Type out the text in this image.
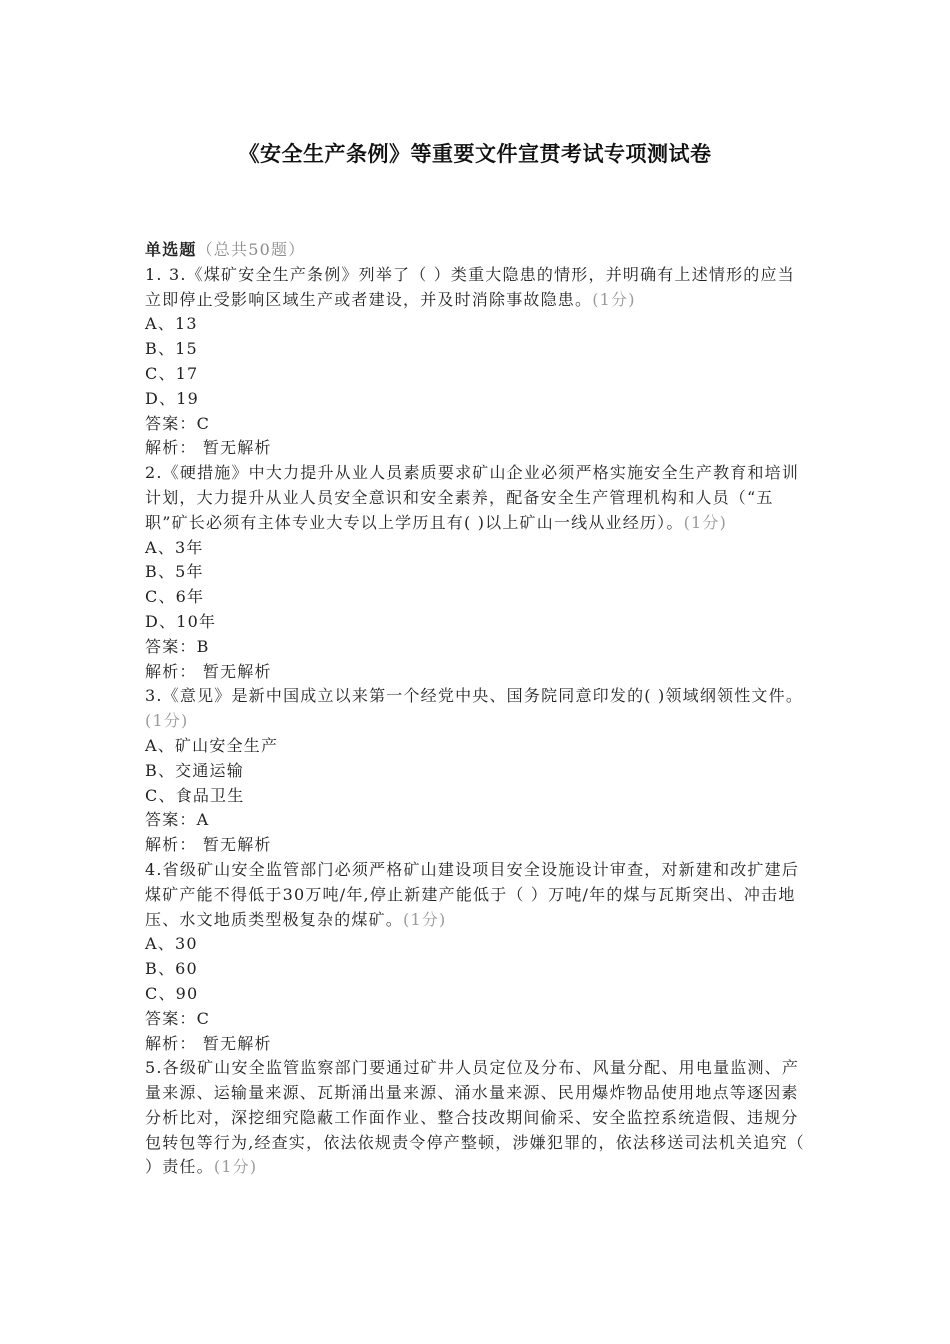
《安全生产条例》等重要文件宣贯考试专项测试卷

单选题（总共50题）

1. 3.《煤矿安全生产条例》列举了（ ）类重大隐患的情形，并明确有上述情形的应当立即停止受影响区域生产或者建设，并及时消除事故隐患。(1分)

A、13

B、15

C、17

D、19

答案：C

解析： 暂无解析

2.《硬措施》中大力提升从业人员素质要求矿山企业必须严格实施安全生产教育和培训计划，大力提升从业人员安全意识和安全素养，配备安全生产管理机构和人员（“五职”矿长必须有主体专业大专以上学历且有( )以上矿山一线从业经历）。(1分)

A、3年

B、5年

C、6年

D、10年

答案：B

解析： 暂无解析

3.《意见》是新中国成立以来第一个经党中央、国务院同意印发的( )领域纲领性文件。(1分)

A、矿山安全生产

B、交通运输

C、食品卫生

答案：A

解析： 暂无解析

4.省级矿山安全监管部门必须严格矿山建设项目安全设施设计审查，对新建和改扩建后煤矿产能不得低于30万吨/年,停止新建产能低于（ ）万吨/年的煤与瓦斯突出、冲击地压、水文地质类型极复杂的煤矿。(1分)

A、30

B、60

C、90

答案：C

解析： 暂无解析

5.各级矿山安全监管监察部门要通过矿井人员定位及分布、风量分配、用电量监测、产量来源、运输量来源、瓦斯涌出量来源、涌水量来源、民用爆炸物品使用地点等逐因素分析比对，深挖细究隐蔽工作面作业、整合技改期间偷采、安全监控系统造假、违规分包转包等行为,经查实，依法依规责令停产整顿，涉嫌犯罪的，依法移送司法机关追究（ ）责任。(1分)
